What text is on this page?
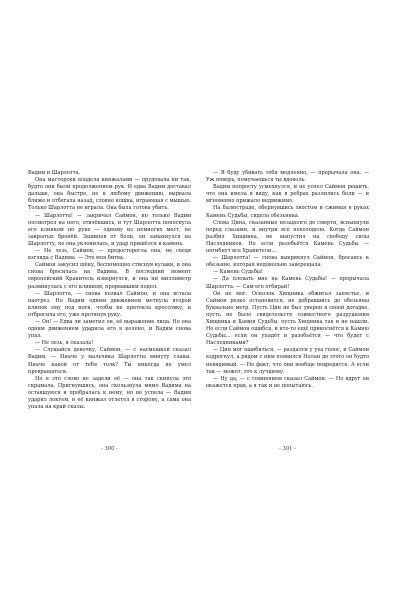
Вадим и Шарлотта.

Она мастерски владела кинжалами — орудовала ни так, будто они были продолжением рук. И едва Вадим доставал дальше, она быстро, но к любому движению, вырвала ближе и отбегала назад, словно кошка, играющая с мышью. Только Шарлотта не играла. Она была готова убить.

— Шарлотта! — закричал Саймон, но только Вадим посмотрел на него, отвлёкшись, и тут Шарлотта попоснула его клинком по руке — одному из немногих мест, не закрытых бронёй. Зашипев от боли, он замахнулся на Шарлотту, но она уклонилась, и удар пришёлся в камень.

— Не лезь, Саймон, — предостерегла она, не сводя взгляда с Вадима. — Это моя битва.

Саймон закусил щёку, беспомощно стиснув кулаки, и она снова бросилась на Вадима. В последний момент европейский Хранитель извернулся, и она ни миллиметр разминулась с его клинком, прорвавшим подол.

— Шарлотта, — снова позвал Саймон, и она встала наотрез. Но Вадим одним движением метнула второй клинок ему под ноги, чтобы не протекла кроссовку, и отбросила его, уже протянув руку.

— Он! — Едва ли заметил он, её выражение лица. Но она одним движением ударила его в колено, и Вадим снова упал.

— Не лезь, я сказала!

— Слушайся девочку, Саймон, — с насмешкой сказал Вадим. — Иначе у мальчика Шарлотты минуту славы. Иначе какой от тебя толк? Ты никогда не умел превращаться.

Но в это слово не задели её — она так скинула это скрамала. Пригнувшись, она скользнула мимо Вадима на оставшуюся и пробралась к нему, но не успела — Вадим ударил локтем, и её кинжал отлетел в сторону, а сама она упала на край скалы.

- 300 -

— Я буду убивать тебя медленно, — прорычала она. — Уж поверь, помучаешься ты вдоволь.

Вадим попросту усмехнулся, и не успел Саймон решить, что она имела в виду, как в ребрах разлились боли — и мгновенно прижало недвижимо.

На балюстраде, обернувшись хвостом и сжимая в руках Камень Судьбы, сидела обезьянка.

Слова Цина, сказанные незадолго до смерти, вспыхнули перед глазами, и внутри всё похолодело. Когда Саймон разбил Хищника, не выпустил на свободу силы Наследников. Но если разобьётся Камень Судьбы — погибнут все Хранители...

— Шарлотта! — снова выкрикнул Саймон, бросаясь к обезьяне, которая недовольно заверещала.

— Камень Судьбы!

— Да плевать мне на Камень Судьбы! — прорычала Шарлотта. — Сам его отбирай!

Он не мог. Осколок Хищника обжигал запястье, и Саймон резко остановился, не добравшись до обезьяны буквально метр. Пусть Цин не был уверен в своей догадке, пусть не было свидетельств совместного разрушения Хищника и Камня Судьбы, пусть Хищника так и не нашли. Но если Саймон ошибся, и кто-то ещё прикоснётся к Камню Судьбы... если он упадёт и разобьётся — что будет с Наследниками?

— Цин мог ошибиться, — раздался у уха голос, и Саймон вздрогнул, а рядом с ним появился Нолан до этого он будто невидимый. — Не факт, что они вообще повредятся. А если так — может, это к лучшему.

— Ну да, — с сомнением сказал Саймон. — Но вдруг он окажется прав, а я так и не попытаюсь.

- 301 -
